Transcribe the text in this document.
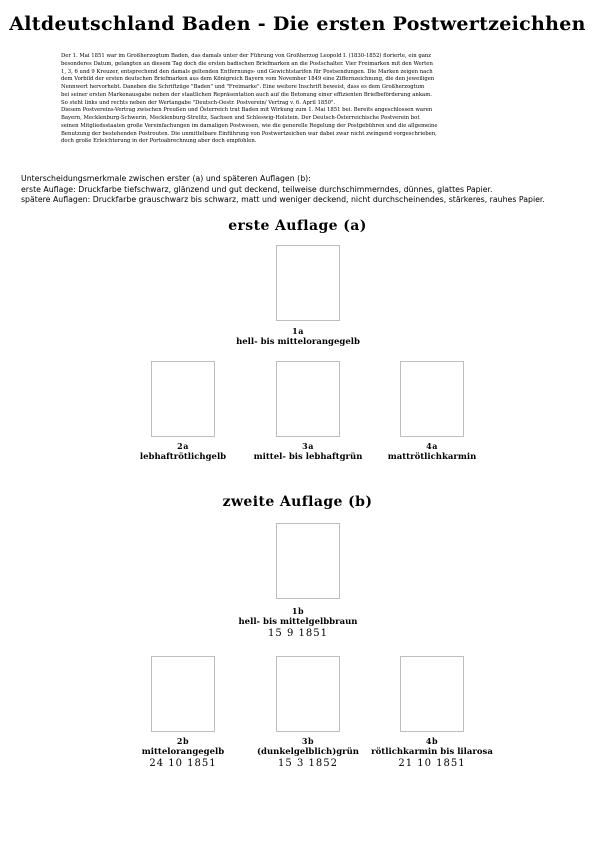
Altdeutschland Baden - Die ersten Postwertzeichhen
Der 1. Mai 1851 war im Großherzogtum Baden, das damals unter der Führung von Großherzog Leopold I. (1830-1852) florierte, ein ganz
besonderes Datum, gelangten an diesem Tag doch die ersten badischen Briefmarken an die Postschalter. Vier Freimarken mit den Werten
1, 3, 6 und 9 Kreuzer, entsprechend den damals geltenden Entfernungs- und Gewichtstarifen für Postsendungen. Die Marken zeigen nach
dem Vorbild der ersten deutschen Briefmarken aus dem Königreich Bayern vom November 1849 eine Ziffernzeichnung, die den jeweiligen
Nennwert hervorhebt. Daneben die Schriftzüge "Baden" und "Freimarke". Eine weitere Inschrift beweist, dass es dem Großherzogtum
bei seiner ersten Markenausgabe neben der staatlichen Repräsentation auch auf die Betonung einer effizienten Briefbeförderung ankam.
So steht links und rechts neben der Wertangabe "Deutsch-Oestr. Postverein/ Vertrag v. 6. April 1850".
Diesem Postvereins-Vertrag zwischen Preußen und Österreich trat Baden mit Wirkung zum 1. Mai 1851 bei. Bereits angeschlossen waren
Bayern, Mecklenburg-Schwerin, Mecklenburg-Strelitz, Sachsen und Schleswig-Holstein. Der Deutsch-Österreichische Postverein bot
seinen Mitgliedsstaaten große Vereinfachungen im damaligen Postwesen, wie die generelle Regelung der Postgebühren und die allgemeine
Benutzung der bestehenden Postrouten. Die unmittelbare Einführung von Postwertzeichen war dabei zwar nicht zwingend vorgeschrieben,
doch große Erleichterung in der Portoabrechnung aber doch empfohlen.
Unterscheidungsmerkmale zwischen erster (a) und späteren Auflagen (b):
erste Auflage: Druckfarbe tiefschwarz, glänzend und gut deckend, teilweise durchschimmerndes, dünnes, glattes Papier.
spätere Auflagen: Druckfarbe grauschwarz bis schwarz, matt und weniger deckend, nicht durchscheinendes, stärkeres, rauhes Papier.
erste Auflage (a)
1a
hell- bis mittelorangegelb
2a
lebhaftrötlichgelb
3a
mittel- bis lebhaftgrün
4a
mattrötlichkarmin
zweite Auflage (b)
1b
hell- bis mittelgelbbraun
15 9 1851
2b
mittelorangegelb
24 10 1851
3b
(dunkelgelblich)grün
15 3 1852
4b
rötlichkarmin bis lilarosa
21 10 1851
